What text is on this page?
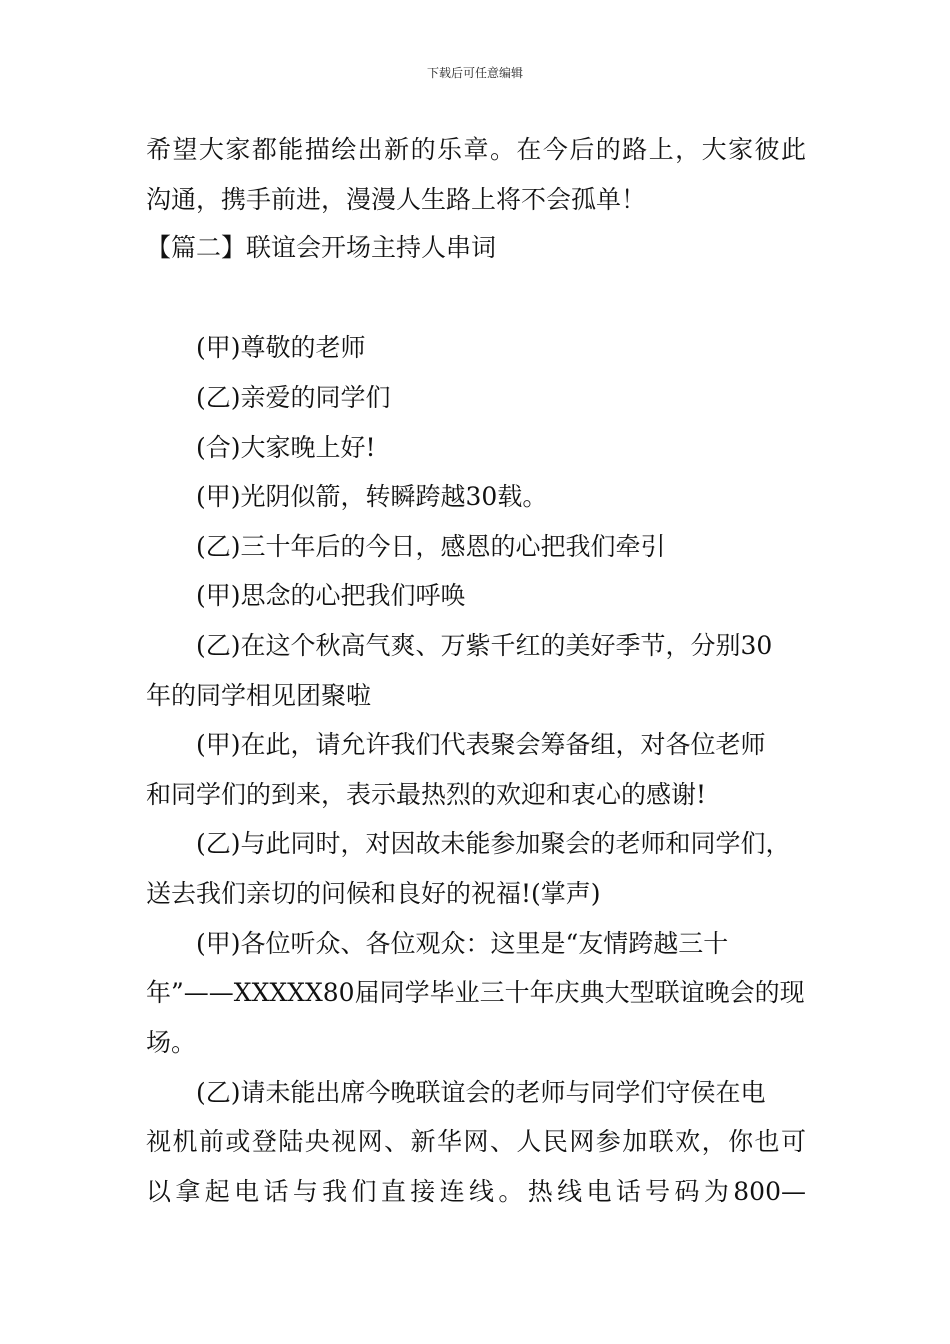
下载后可任意编辑
希望大家都能描绘出新的乐章。在今后的路上，大家彼此
沟通，携手前进，漫漫人生路上将不会孤单！
【篇二】联谊会开场主持人串词
(甲)尊敬的老师
(乙)亲爱的同学们
(合)大家晚上好!
(甲)光阴似箭，转瞬跨越30载。
(乙)三十年后的今日，感恩的心把我们牵引
(甲)思念的心把我们呼唤
(乙)在这个秋高气爽、万紫千红的美好季节，分别30
年的同学相见团聚啦
(甲)在此，请允许我们代表聚会筹备组，对各位老师
和同学们的到来，表示最热烈的欢迎和衷心的感谢!
(乙)与此同时，对因故未能参加聚会的老师和同学们，
送去我们亲切的问候和良好的祝福!(掌声)
(甲)各位听众、各位观众：这里是“友情跨越三十
年”——XXXXX80届同学毕业三十年庆典大型联谊晚会的现
场。
(乙)请未能出席今晚联谊会的老师与同学们守侯在电
视机前或登陆央视网、新华网、人民网参加联欢，你也可
以拿起电话与我们直接连线。热线电话号码为800—
